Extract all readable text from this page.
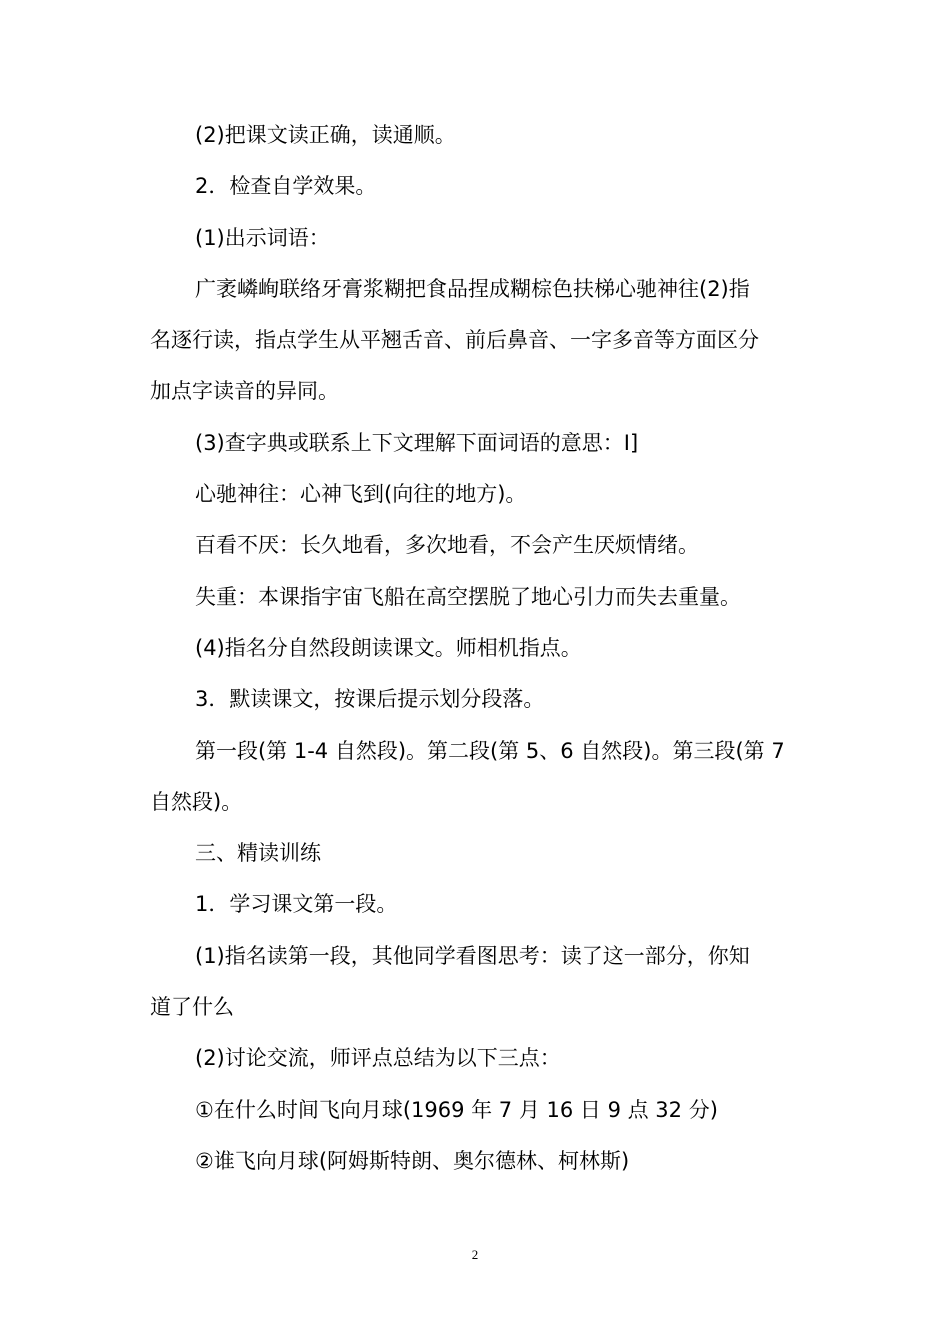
(2)把课文读正确，读通顺。
2．检查自学效果。
(1)出示词语：
广袤嶙峋联络牙膏浆糊把食品捏成糊棕色扶梯心驰神往(2)指
名逐行读，指点学生从平翘舌音、前后鼻音、一字多音等方面区分
加点字读音的异同。
(3)查字典或联系上下文理解下面词语的意思：I]
心驰神往：心神飞到(向往的地方)。
百看不厌：长久地看，多次地看，不会产生厌烦情绪。
失重：本课指宇宙飞船在高空摆脱了地心引力而失去重量。
(4)指名分自然段朗读课文。师相机指点。
3．默读课文，按课后提示划分段落。
第一段(第 1-4 自然段)。第二段(第 5、6 自然段)。第三段(第 7
自然段)。
三、精读训练
1．学习课文第一段。
(1)指名读第一段，其他同学看图思考：读了这一部分，你知
道了什么
(2)讨论交流，师评点总结为以下三点：
①在什么时间飞向月球(1969 年 7 月 16 日 9 点 32 分)
②谁飞向月球(阿姆斯特朗、奥尔德林、柯林斯)
2
